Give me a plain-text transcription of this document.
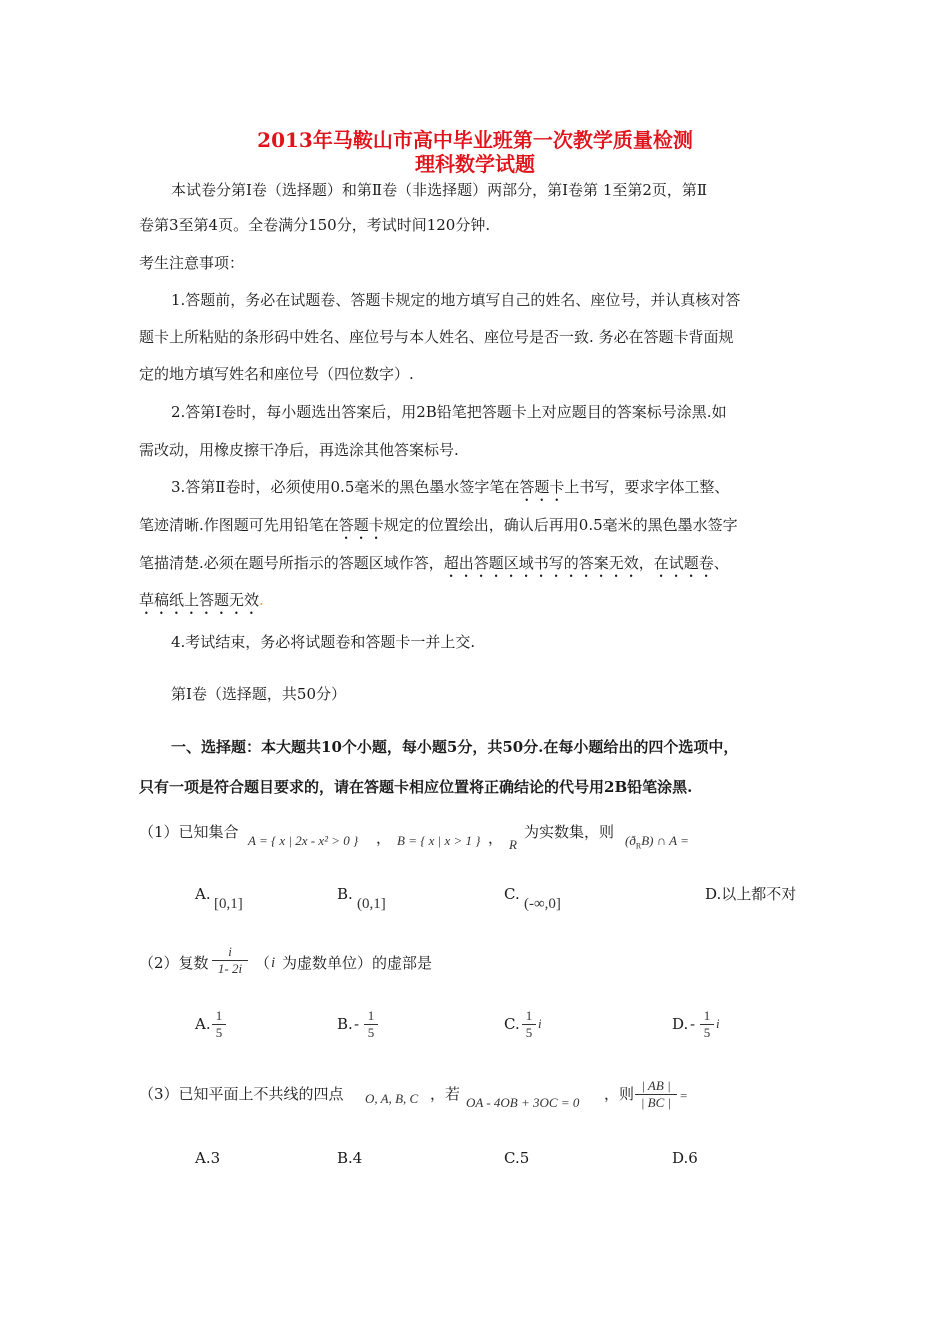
2013年马鞍山市高中毕业班第一次教学质量检测
理科数学试题
本试卷分第Ⅰ卷（选择题）和第Ⅱ卷（非选择题）两部分，第Ⅰ卷第 1至第2页，第Ⅱ
卷第3至第4页。全卷满分150分，考试时间120分钟.
考生注意事项：
1.答题前，务必在试题卷、答题卡规定的地方填写自己的姓名、座位号，并认真核对答
题卡上所粘贴的条形码中姓名、座位号与本人姓名、座位号是否一致. 务必在答题卡背面规
定的地方填写姓名和座位号（四位数字）.
2.答第Ⅰ卷时，每小题选出答案后，用2B铅笔把答题卡上对应题目的答案标号涂黑.如
需改动，用橡皮擦干净后，再选涂其他答案标号.
3.答第Ⅱ卷时，必须使用0.5毫米的黑色墨水签字笔在答题卡上书写，要求字体工整、
笔迹清晰.作图题可先用铅笔在答题卡规定的位置绘出，确认后再用0.5毫米的黑色墨水签字
笔描清楚.必须在题号所指示的答题区域作答，超出答题区域书写的答案无效，在试题卷、
草稿纸上答题无效.
4.考试结束，务必将试题卷和答题卡一并上交.
第Ⅰ卷（选择题，共50分）
一、选择题：本大题共10个小题，每小题5分，共50分.在每小题给出的四个选项中，
只有一项是符合题目要求的，请在答题卡相应位置将正确结论的代号用2B铅笔涂黑.
（1）已知集合 A = { x | 2x - x² > 0 } ， B = { x | x > 1 } ， R
为实数集，则 $(ð_RB)$ ∩ A =
A.
[0,1]
B.
(0,1]
C.
(-∞,0]
D.以上都不对
（2）复数
i
1- 2i （ i 为虚数单位）的虚部是
A. 1
5	B. - 1
5	C. 1
5
i	D. - 1
5
i
（3）已知平面上不共线的四点 O, A, B, C ，若 OA - 4OB + 3OC = 0 ，则 | AB |
| BC | =
A.3	B.4	C.5	D.6
